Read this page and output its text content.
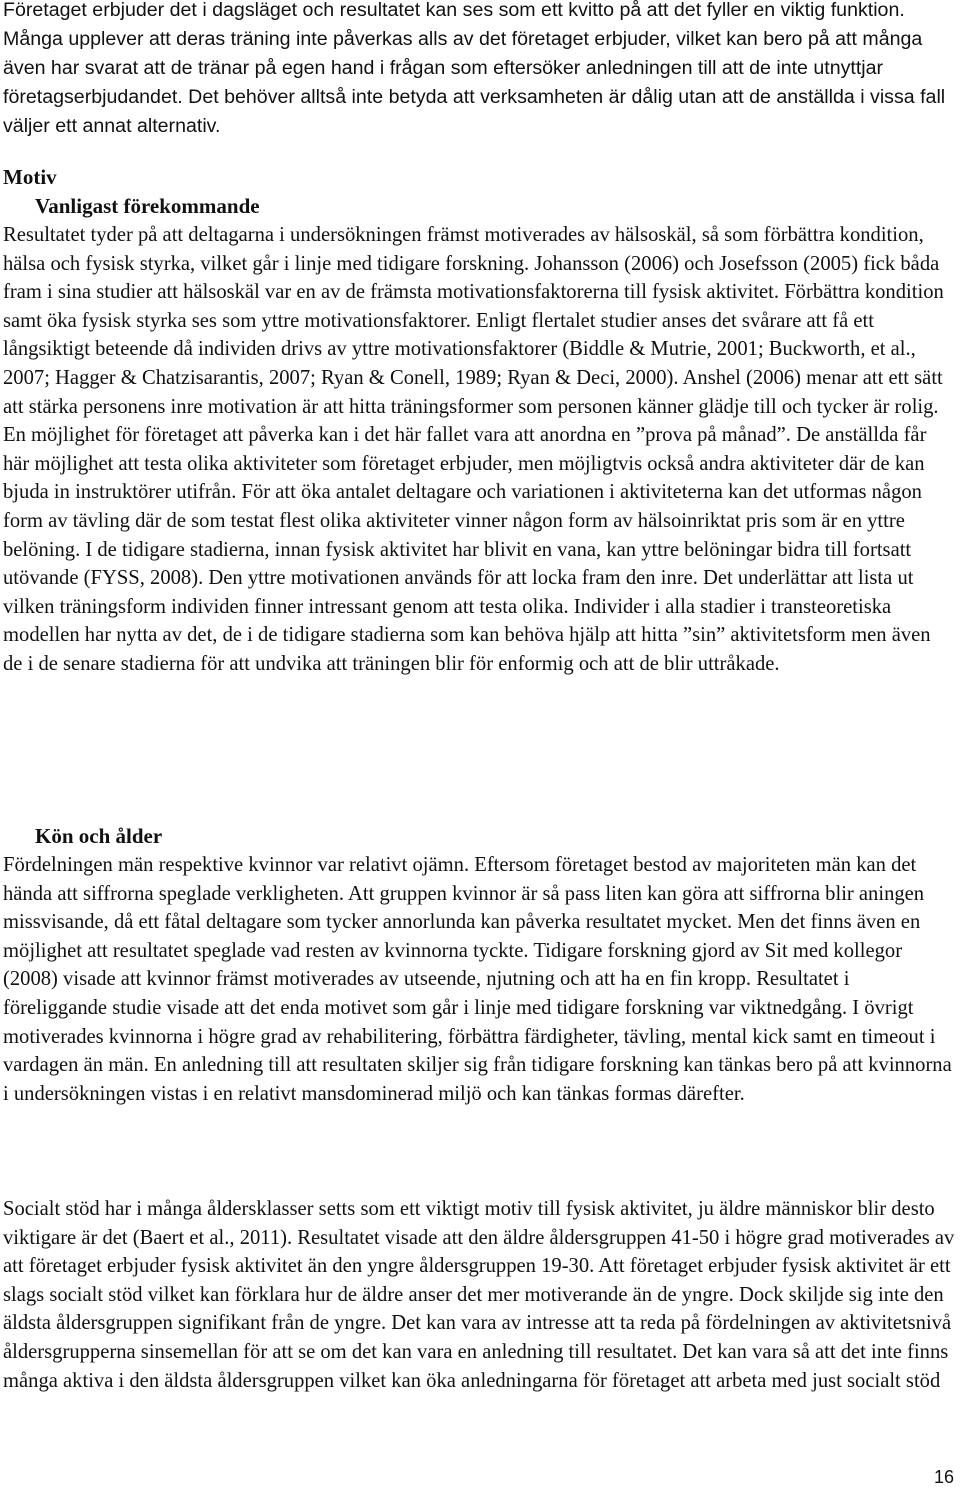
Företaget erbjuder det i dagsläget och resultatet kan ses som ett kvitto på att det fyller en viktig funktion. Många upplever att deras träning inte påverkas alls av det företaget erbjuder, vilket kan bero på att många även har svarat att de tränar på egen hand i frågan som eftersöker anledningen till att de inte utnyttjar företagserbjudandet. Det behöver alltså inte betyda att verksamheten är dålig utan att de anställda i vissa fall väljer ett annat alternativ.

Motiv
Vanligast förekommande

Resultatet tyder på att deltagarna i undersökningen främst motiverades av hälsoskäl, så som förbättra kondition, hälsa och fysisk styrka, vilket går i linje med tidigare forskning. Johansson (2006) och Josefsson (2005) fick båda fram i sina studier att hälsoskäl var en av de främsta motivationsfaktorerna till fysisk aktivitet. Förbättra kondition samt öka fysisk styrka ses som yttre motivationsfaktorer. Enligt flertalet studier anses det svårare att få ett långsiktigt beteende då individen drivs av yttre motivationsfaktorer (Biddle & Mutrie, 2001; Buckworth, et al., 2007; Hagger & Chatzisarantis, 2007; Ryan & Conell, 1989; Ryan & Deci, 2000). Anshel (2006) menar att ett sätt att stärka personens inre motivation är att hitta träningsformer som personen känner glädje till och tycker är rolig. En möjlighet för företaget att påverka kan i det här fallet vara att anordna en ”prova på månad”. De anställda får här möjlighet att testa olika aktiviteter som företaget erbjuder, men möjligtvis också andra aktiviteter där de kan bjuda in instruktörer utifrån. För att öka antalet deltagare och variationen i aktiviteterna kan det utformas någon form av tävling där de som testat flest olika aktiviteter vinner någon form av hälsoinriktat pris som är en yttre belöning. I de tidigare stadierna, innan fysisk aktivitet har blivit en vana, kan yttre belöningar bidra till fortsatt utövande (FYSS, 2008). Den yttre motivationen används för att locka fram den inre. Det underlättar att lista ut vilken träningsform individen finner intressant genom att testa olika. Individer i alla stadier i transteoretiska modellen har nytta av det, de i de tidigare stadierna som kan behöva hjälp att hitta ”sin” aktivitetsform men även de i de senare stadierna för att undvika att träningen blir för enformig och att de blir uttråkade.

Kön och ålder

Fördelningen män respektive kvinnor var relativt ojämn. Eftersom företaget bestod av majoriteten män kan det hända att siffrorna speglade verkligheten. Att gruppen kvinnor är så pass liten kan göra att siffrorna blir aningen missvisande, då ett fåtal deltagare som tycker annorlunda kan påverka resultatet mycket. Men det finns även en möjlighet att resultatet speglade vad resten av kvinnorna tyckte. Tidigare forskning gjord av Sit med kollegor (2008) visade att kvinnor främst motiverades av utseende, njutning och att ha en fin kropp. Resultatet i föreliggande studie visade att det enda motivet som går i linje med tidigare forskning var viktnedgång. I övrigt motiverades kvinnorna i högre grad av rehabilitering, förbättra färdigheter, tävling, mental kick samt en timeout i vardagen än män. En anledning till att resultaten skiljer sig från tidigare forskning kan tänkas bero på att kvinnorna i undersökningen vistas i en relativt mansdominerad miljö och kan tänkas formas därefter.

Socialt stöd har i många åldersklasser setts som ett viktigt motiv till fysisk aktivitet, ju äldre människor blir desto viktigare är det (Baert et al., 2011). Resultatet visade att den äldre åldersgruppen 41-50 i högre grad motiverades av att företaget erbjuder fysisk aktivitet än den yngre åldersgruppen 19-30. Att företaget erbjuder fysisk aktivitet är ett slags socialt stöd vilket kan förklara hur de äldre anser det mer motiverande än de yngre. Dock skiljde sig inte den äldsta åldersgruppen signifikant från de yngre. Det kan vara av intresse att ta reda på fördelningen av aktivitetsnivå åldersgrupperna sinsemellan för att se om det kan vara en anledning till resultatet. Det kan vara så att det inte finns många aktiva i den äldsta åldersgruppen vilket kan öka anledningarna för företaget att arbeta med just socialt stöd

16
